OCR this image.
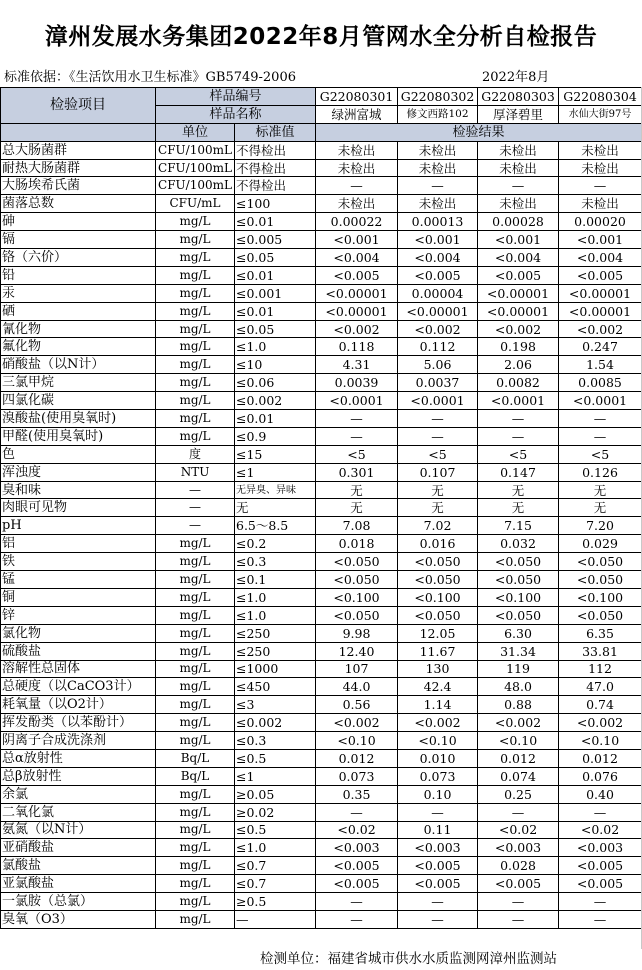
漳州发展水务集团2022年8月管网水全分析自检报告
标准依据：《生活饮用水卫生标准》GB5749-2006	2022年8月
检验项目	样品编号		G22080301	G22080302	G22080303	G22080304
	样品名称		绿洲富城	修文西路102	厚泽碧里	水仙大街97号
	单位	标准值	检验结果			
总大肠菌群	CFU/100mL	不得检出	未检出	未检出	未检出	未检出
耐热大肠菌群	CFU/100mL	不得检出	未检出	未检出	未检出	未检出
大肠埃希氏菌	CFU/100mL	不得检出	—	—	—	—
菌落总数	CFU/mL	≤100	未检出	未检出	未检出	未检出
砷	mg/L	≤0.01	0.00022	0.00013	0.00028	0.00020
镉	mg/L	≤0.005	<0.001	<0.001	<0.001	<0.001
铬（六价）	mg/L	≤0.05	<0.004	<0.004	<0.004	<0.004
铅	mg/L	≤0.01	<0.005	<0.005	<0.005	<0.005
汞	mg/L	≤0.001	<0.00001	0.00004	<0.00001	<0.00001
硒	mg/L	≤0.01	<0.00001	<0.00001	<0.00001	<0.00001
氰化物	mg/L	≤0.05	<0.002	<0.002	<0.002	<0.002
氟化物	mg/L	≤1.0	0.118	0.112	0.198	0.247
硝酸盐（以N计）	mg/L	≤10	4.31	5.06	2.06	1.54
三氯甲烷	mg/L	≤0.06	0.0039	0.0037	0.0082	0.0085
四氯化碳	mg/L	≤0.002	<0.0001	<0.0001	<0.0001	<0.0001
溴酸盐(使用臭氧时)	mg/L	≤0.01	—	—	—	—
甲醛(使用臭氧时)	mg/L	≤0.9	—	—	—	—
色	度	≤15	<5	<5	<5	<5
浑浊度	NTU	≤1	0.301	0.107	0.147	0.126
臭和味	—	无异臭、异味	无	无	无	无
肉眼可见物	—	无	无	无	无	无
pH	—	6.5～8.5	7.08	7.02	7.15	7.20
铝	mg/L	≤0.2	0.018	0.016	0.032	0.029
铁	mg/L	≤0.3	<0.050	<0.050	<0.050	<0.050
锰	mg/L	≤0.1	<0.050	<0.050	<0.050	<0.050
铜	mg/L	≤1.0	<0.100	<0.100	<0.100	<0.100
锌	mg/L	≤1.0	<0.050	<0.050	<0.050	<0.050
氯化物	mg/L	≤250	9.98	12.05	6.30	6.35
硫酸盐	mg/L	≤250	12.40	11.67	31.34	33.81
溶解性总固体	mg/L	≤1000	107	130	119	112
总硬度（以CaCO3计）	mg/L	≤450	44.0	42.4	48.0	47.0
耗氧量（以O2计）	mg/L	≤3	0.56	1.14	0.88	0.74
挥发酚类（以苯酚计）	mg/L	≤0.002	<0.002	<0.002	<0.002	<0.002
阴离子合成洗涤剂	mg/L	≤0.3	<0.10	<0.10	<0.10	<0.10
总α放射性	Bq/L	≤0.5	0.012	0.010	0.012	0.012
总β放射性	Bq/L	≤1	0.073	0.073	0.074	0.076
余氯	mg/L	≥0.05	0.35	0.10	0.25	0.40
二氧化氯	mg/L	≥0.02	—	—	—	—
氨氮（以N计）	mg/L	≤0.5	<0.02	0.11	<0.02	<0.02
亚硝酸盐	mg/L	≤1.0	<0.003	<0.003	<0.003	<0.003
氯酸盐	mg/L	≤0.7	<0.005	<0.005	0.028	<0.005
亚氯酸盐	mg/L	≤0.7	<0.005	<0.005	<0.005	<0.005
一氯胺（总氯）	mg/L	≥0.5	—	—	—	—
臭氧（O3）	mg/L	—	—	—	—	—
检测单位：福建省城市供水水质监测网漳州监测站
